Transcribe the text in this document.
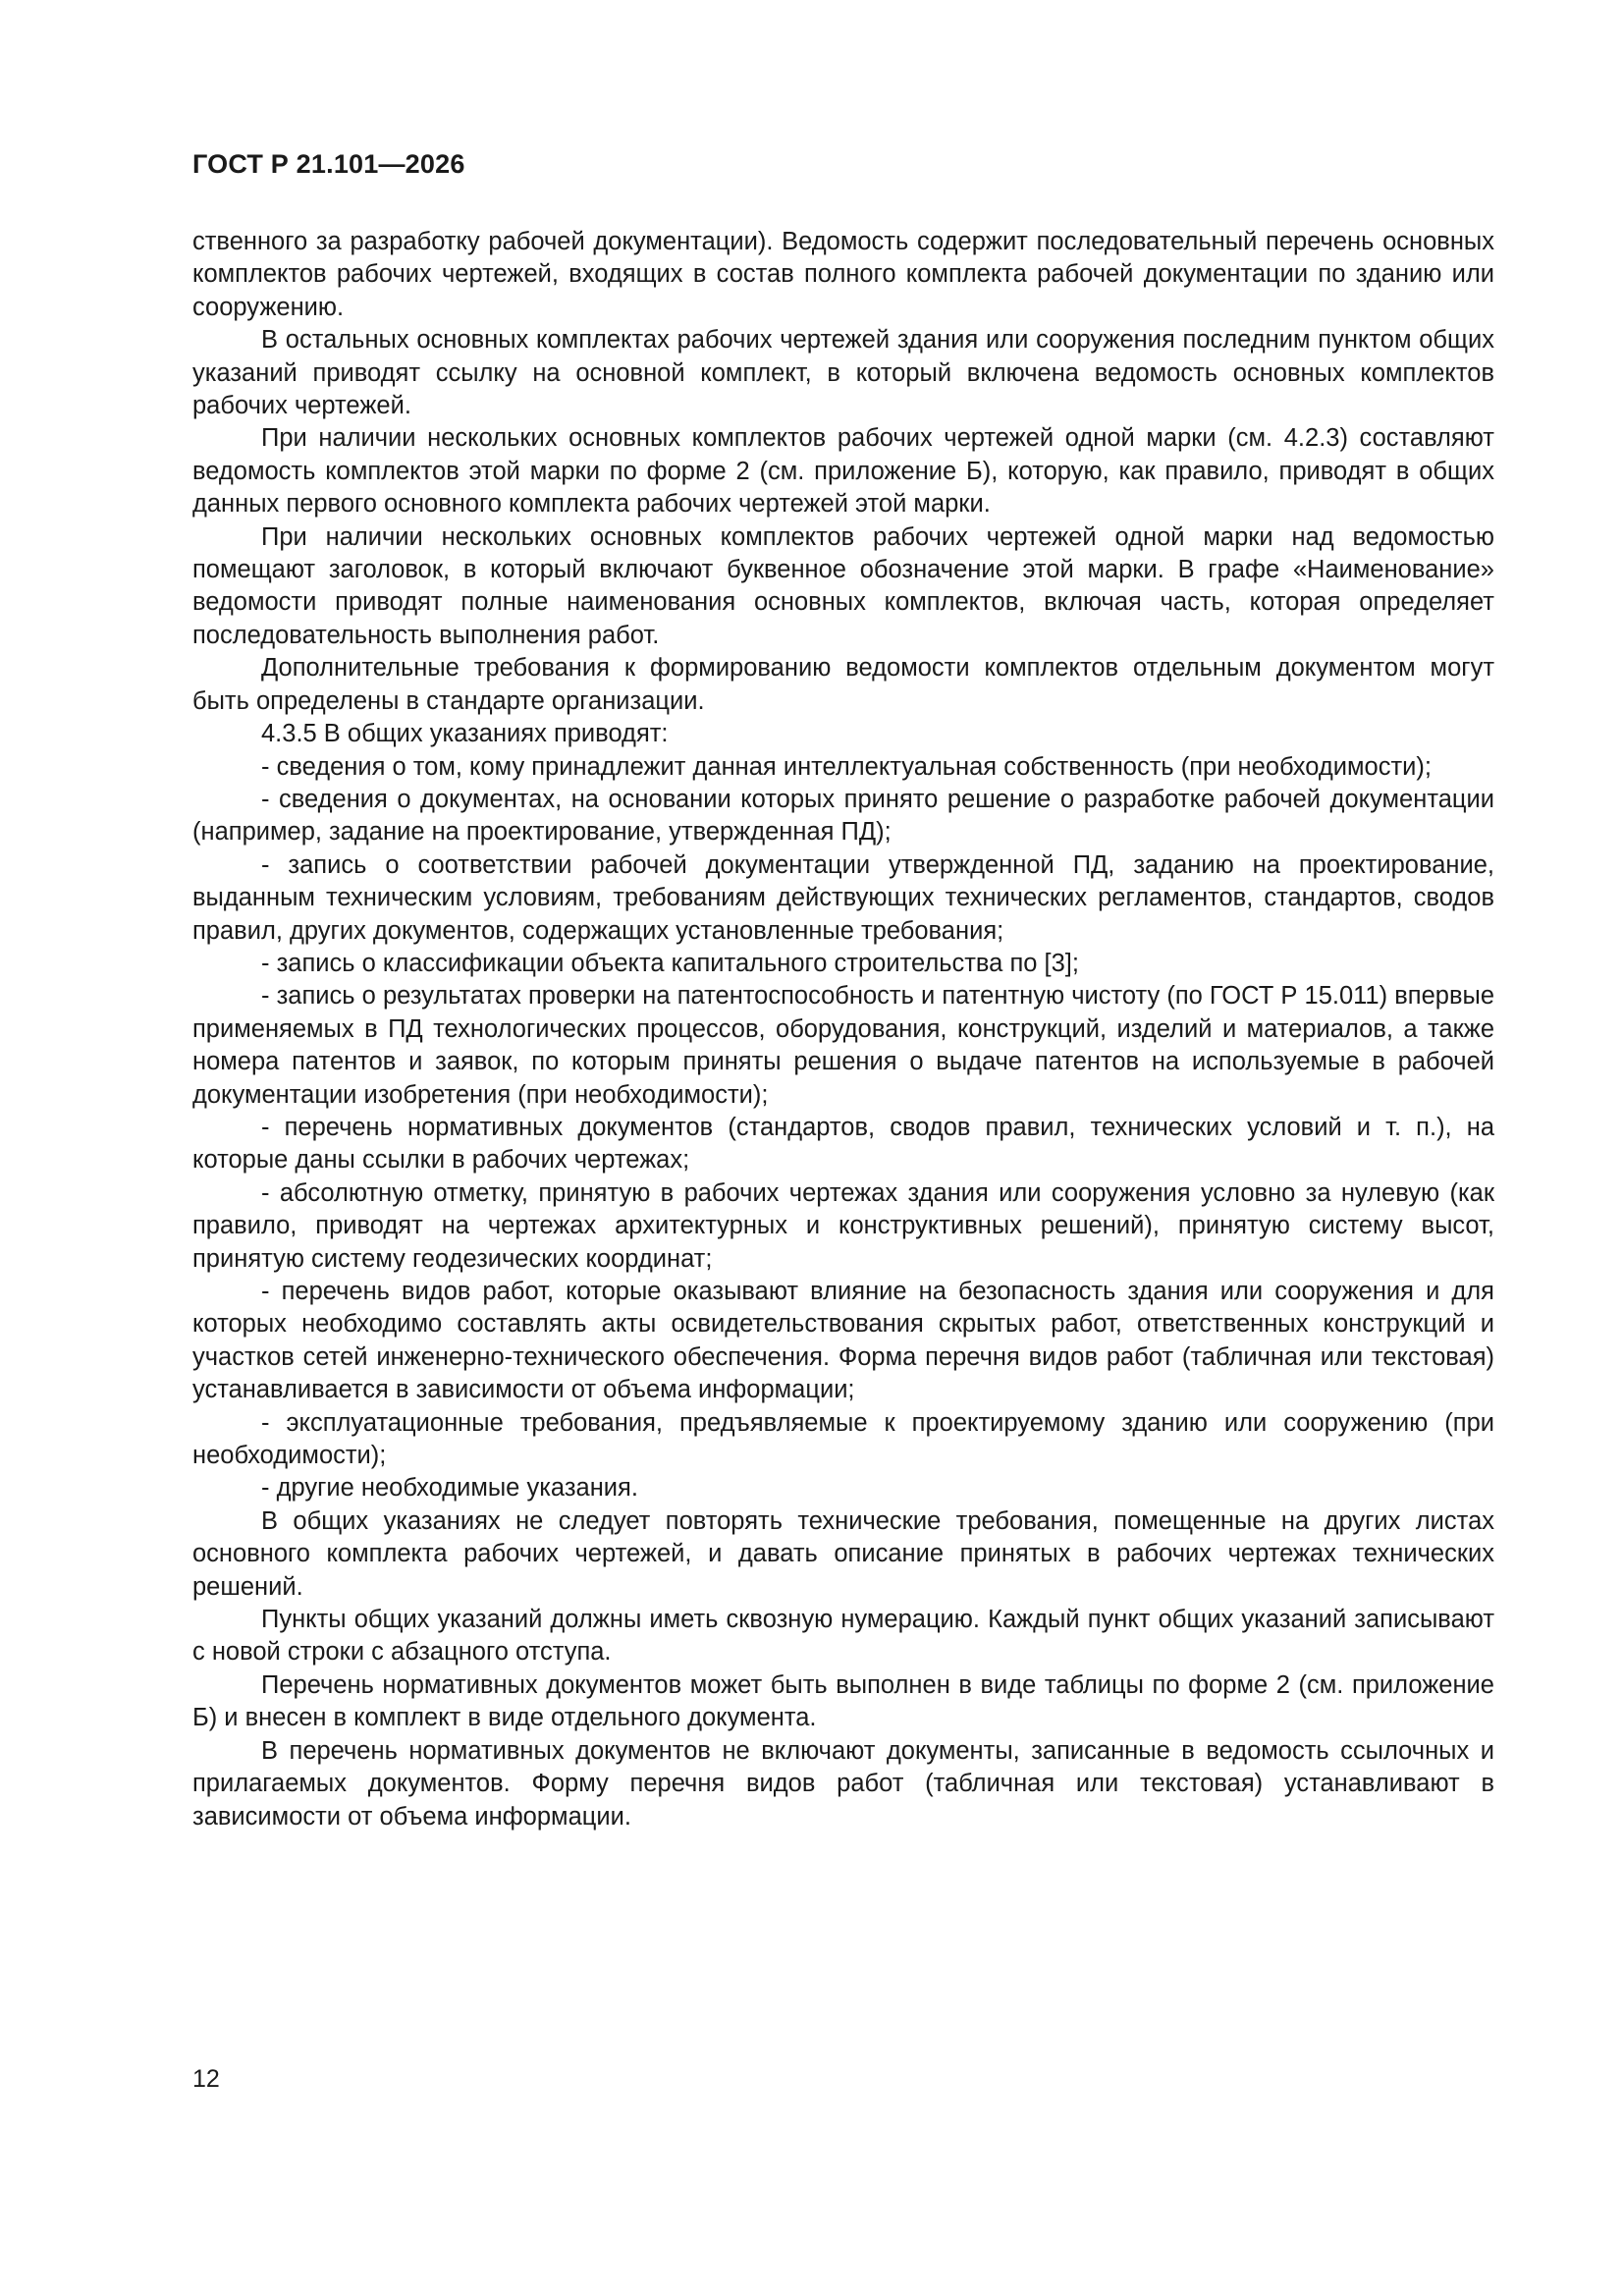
ГОСТ Р 21.101—2026

ственного за разработку рабочей документации). Ведомость содержит последовательный перечень основных комплектов рабочих чертежей, входящих в состав полного комплекта рабочей документации по зданию или сооружению.

В остальных основных комплектах рабочих чертежей здания или сооружения последним пунктом общих указаний приводят ссылку на основной комплект, в который включена ведомость основных комплектов рабочих чертежей.

При наличии нескольких основных комплектов рабочих чертежей одной марки (см. 4.2.3) составляют ведомость комплектов этой марки по форме 2 (см. приложение Б), которую, как правило, приводят в общих данных первого основного комплекта рабочих чертежей этой марки.

При наличии нескольких основных комплектов рабочих чертежей одной марки над ведомостью помещают заголовок, в который включают буквенное обозначение этой марки. В графе «Наименование» ведомости приводят полные наименования основных комплектов, включая часть, которая определяет последовательность выполнения работ.

Дополнительные требования к формированию ведомости комплектов отдельным документом могут быть определены в стандарте организации.

4.3.5 В общих указаниях приводят:

- сведения о том, кому принадлежит данная интеллектуальная собственность (при необходимости);

- сведения о документах, на основании которых принято решение о разработке рабочей документации (например, задание на проектирование, утвержденная ПД);

- запись о соответствии рабочей документации утвержденной ПД, заданию на проектирование, выданным техническим условиям, требованиям действующих технических регламентов, стандартов, сводов правил, других документов, содержащих установленные требования;

- запись о классификации объекта капитального строительства по [3];

- запись о результатах проверки на патентоспособность и патентную чистоту (по ГОСТ Р 15.011) впервые применяемых в ПД технологических процессов, оборудования, конструкций, изделий и материалов, а также номера патентов и заявок, по которым приняты решения о выдаче патентов на используемые в рабочей документации изобретения (при необходимости);

- перечень нормативных документов (стандартов, сводов правил, технических условий и т. п.), на которые даны ссылки в рабочих чертежах;

- абсолютную отметку, принятую в рабочих чертежах здания или сооружения условно за нулевую (как правило, приводят на чертежах архитектурных и конструктивных решений), принятую систему высот, принятую систему геодезических координат;

- перечень видов работ, которые оказывают влияние на безопасность здания или сооружения и для которых необходимо составлять акты освидетельствования скрытых работ, ответственных конструкций и участков сетей инженерно-технического обеспечения. Форма перечня видов работ (табличная или текстовая) устанавливается в зависимости от объема информации;

- эксплуатационные требования, предъявляемые к проектируемому зданию или сооружению (при необходимости);

- другие необходимые указания.

В общих указаниях не следует повторять технические требования, помещенные на других листах основного комплекта рабочих чертежей, и давать описание принятых в рабочих чертежах технических решений.

Пункты общих указаний должны иметь сквозную нумерацию. Каждый пункт общих указаний записывают с новой строки с абзацного отступа.

Перечень нормативных документов может быть выполнен в виде таблицы по форме 2 (см. приложение Б) и внесен в комплект в виде отдельного документа.

В перечень нормативных документов не включают документы, записанные в ведомость ссылочных и прилагаемых документов. Форму перечня видов работ (табличная или текстовая) устанавливают в зависимости от объема информации.

12
